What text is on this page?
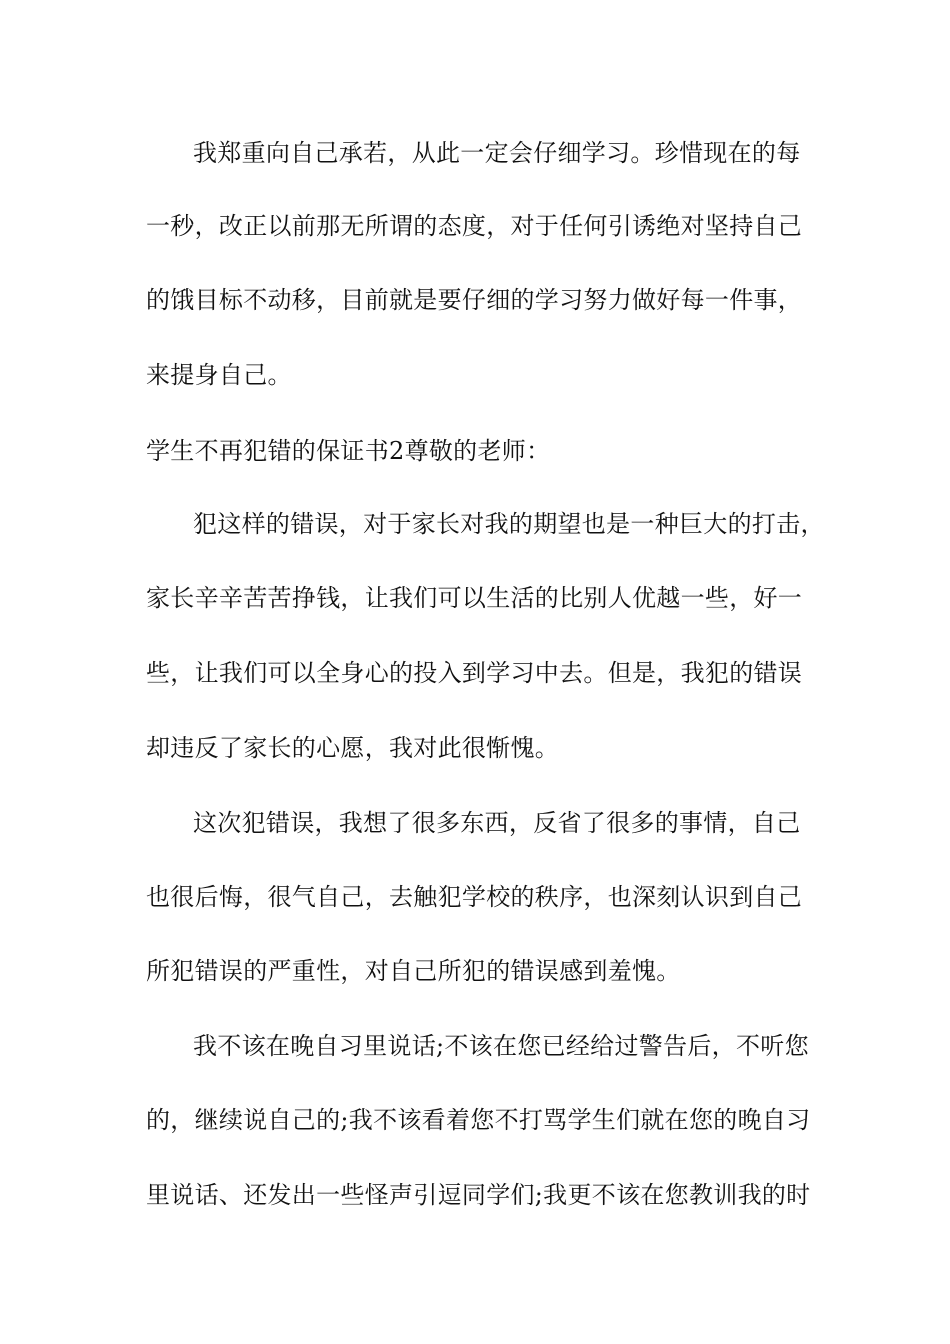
我郑重向自己承若，从此一定会仔细学习。珍惜现在的每
一秒，改正以前那无所谓的态度，对于任何引诱绝对坚持自己
的饿目标不动移，目前就是要仔细的学习努力做好每一件事，
来提身自己。
学生不再犯错的保证书2尊敬的老师：
犯这样的错误，对于家长对我的期望也是一种巨大的打击，
家长辛辛苦苦挣钱，让我们可以生活的比别人优越一些，好一
些，让我们可以全身心的投入到学习中去。但是，我犯的错误
却违反了家长的心愿，我对此很惭愧。
这次犯错误，我想了很多东西，反省了很多的事情，自己
也很后悔，很气自己，去触犯学校的秩序，也深刻认识到自己
所犯错误的严重性，对自己所犯的错误感到羞愧。
我不该在晚自习里说话;不该在您已经给过警告后，不听您
的，继续说自己的;我不该看着您不打骂学生们就在您的晚自习
里说话、还发出一些怪声引逗同学们;我更不该在您教训我的时
